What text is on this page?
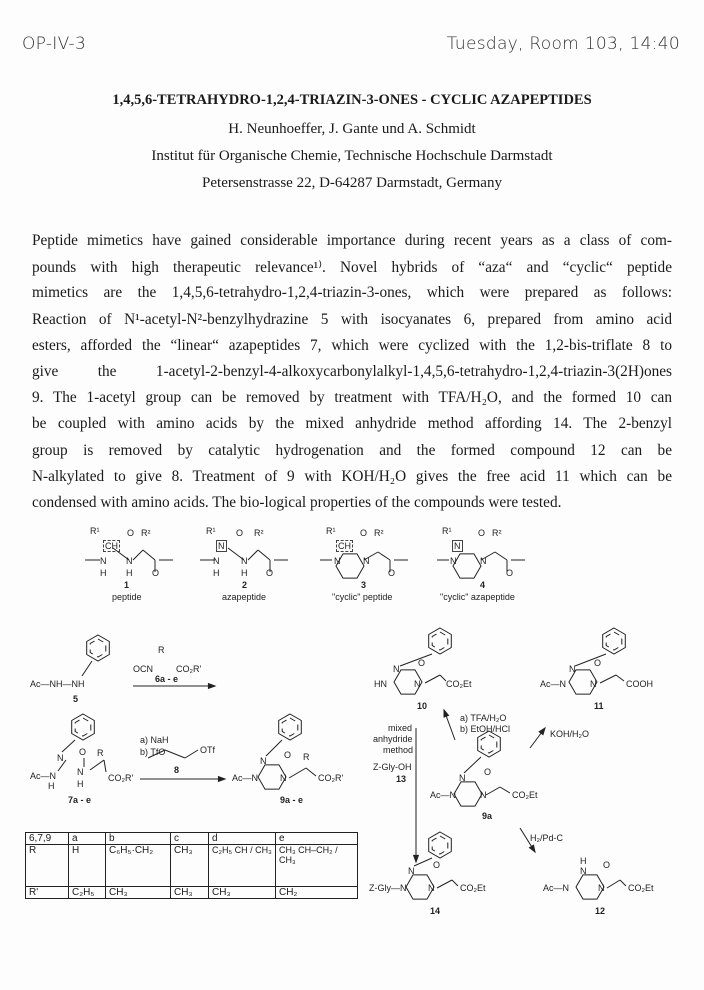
OP-IV-3	Tuesday, Room 103, 14:40
1,4,5,6-TETRAHYDRO-1,2,4-TRIAZIN-3-ONES - CYCLIC AZAPEPTIDES
H. Neunhoeffer, J. Gante und A. Schmidt
Institut für Organische Chemie, Technische Hochschule Darmstadt
Petersenstrasse 22, D-64287 Darmstadt, Germany
Peptide mimetics have gained considerable importance during recent years as a class of com-
pounds with high therapeutic relevance¹⁾. Novel hybrids of “aza“ and “cyclic“ peptide
mimetics are the 1,4,5,6-tetrahydro-1,2,4-triazin-3-ones, which were prepared as follows:
Reaction of N¹-acetyl-N²-benzylhydrazine 5 with isocyanates 6, prepared from amino acid
esters, afforded the “linear“ azapeptides 7, which were cyclized with the 1,2-bis-triflate 8 to
give the 1-acetyl-2-benzyl-4-alkoxycarbonylalkyl-1,4,5,6-tetrahydro-1,2,4-triazin-3(2H)ones
9. The 1-acetyl group can be removed by treatment with TFA/H₂O, and the formed 10 can
be coupled with amino acids by the mixed anhydride method affording 14. The 2-benzyl
group is removed by catalytic hydrogenation and the formed compound 12 can be
N-alkylated to give 8. Treatment of 9 with KOH/H₂O gives the free acid 11 which can be
condensed with amino acids. The bio-logical properties of the compounds were tested.
R¹
CH
O R²
N N
H H O
1
peptide
R¹
N
O R²
N N
H H O
2
azapeptide
R¹
CH
O R²
N	N
O
3
"cyclic" peptide
R¹
N
O R²
N	N
O
4
"cyclic" azapeptide
Ac—NH—NH
5
R
OCN	CO₂R'
6a - e
N
O
HN	N	CO₂Et
10
N
O
Ac—N	N	COOH
11
N
O R
Ac—N
H
N
H
CO₂R'
7a - e
a) NaH
b) TfO	OTf
8
N
O R
Ac—N N	CO₂R'
9a - e
mixed
anhydride
method
Z-Gly-OH
13
a) TFA/H₂O
b) EtOH/HCl	KOH/H₂O
N
O
Ac—N	N	CO₂Et
9a
H₂/Pd-C
N
O
Z-Gly—N N	CO₂Et
14
H
N
O
Ac—N	N	CO₂Et
12
6,7,9	a	b	c	d	e
R	H	C₆H₅·CH₂	CH₃	C₂H₅ CH / CH₃	CH₃ CH–CH₂ / CH₃
R'	C₂H₅	CH₃	CH₃	CH₃	CH₂
